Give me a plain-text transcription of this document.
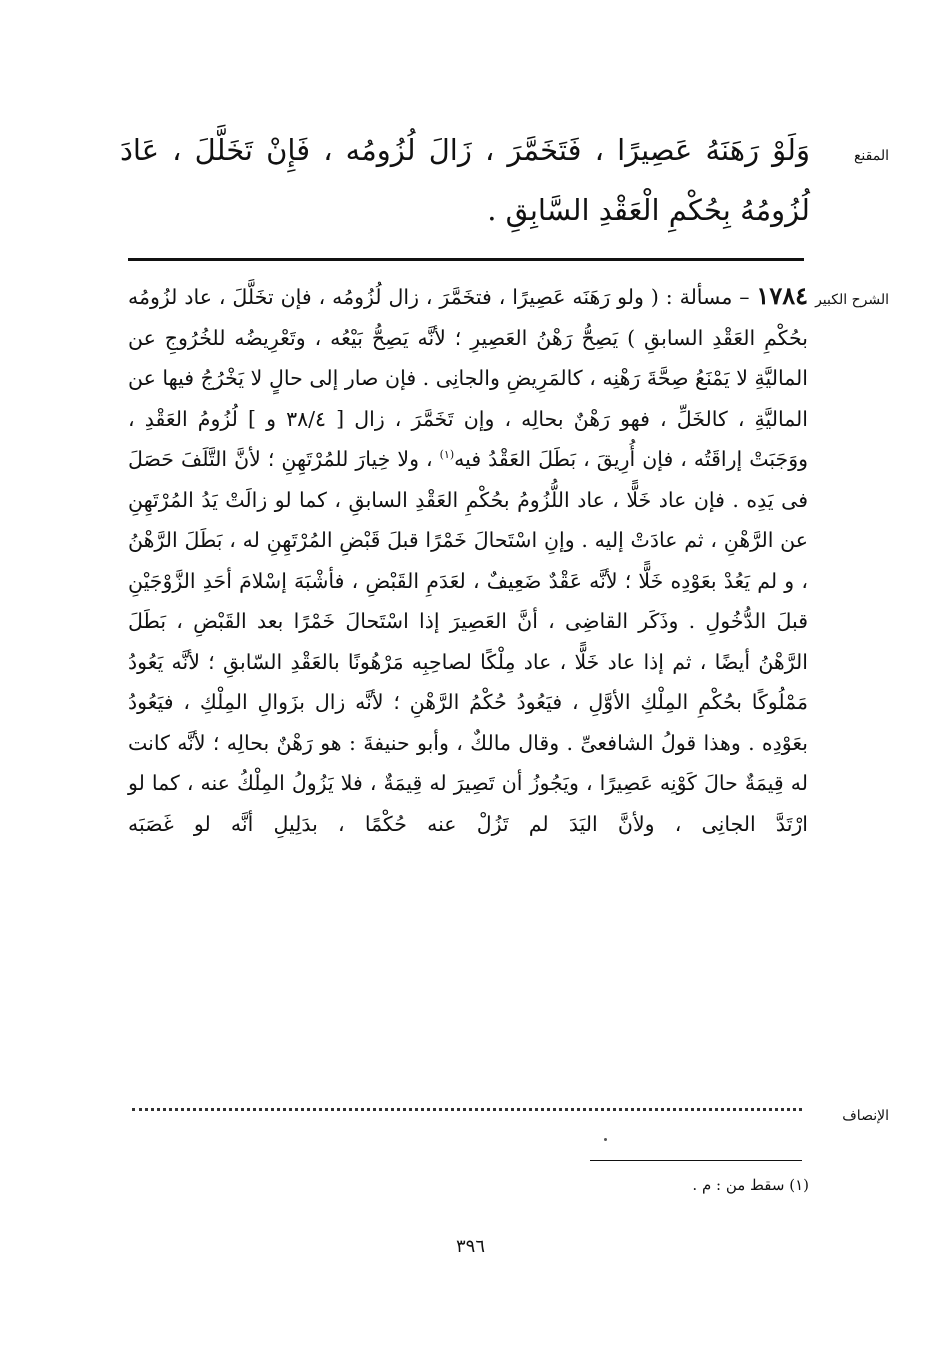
المقنع
وَلَوْ رَهَنَهُ عَصِيرًا ، فَتَخَمَّرَ ، زَالَ لُزُومُه ، فَإِنْ تَخَلَّلَ ، عَادَ لُزُومُهُ بِحُكْمِ الْعَقْدِ السَّابِقِ .
الشرح الكبير
١٧٨٤ – مسألة : ( ولو رَهَنَه عَصِيرًا ، فتخَمَّرَ ، زال لُزُومُه ، فإن تخَلَّلَ ، عاد لزُومُه بحُكْمِ العَقْدِ السابقِ ) يَصِحُّ رَهْنُ العَصِيرِ ؛ لأنَّه يَصِحُّ بَيْعُه ، وتَعْرِيضُه للخُرُوجِ عن الماليَّةِ لا يَمْنَعُ صِحَّةَ رَهْنِه ، كالمَرِيضِ والجانِى . فإن صار إلى حالٍ لا يَخْرُجُ فيها عن الماليَّةِ ، كالخَلِّ ، فهو رَهْنٌ بحالِه ، وإن تَخَمَّرَ ، زال [ ٣٨/٤ و ] لُزُومُ العَقْدِ ، ووَجَبَتْ إراقَتُه ، فإن أُرِيقَ ، بَطَلَ العَقْدُ فيه$^{(١)}$ ، ولا خِيارَ للمُرْتَهِنِ ؛ لأنَّ التَّلَفَ حَصَلَ فى يَدِه . فإن عاد خَلًّا ، عاد اللُّزُومُ بحُكْمِ العَقْدِ السابقِ ، كما لو زالَتْ يَدُ المُرْتَهِنِ عن الرَّهْنِ ، ثم عادَتْ إليه . وإنِ اسْتَحالَ خَمْرًا قبلَ قَبْضِ المُرْتَهِنِ له ، بَطَلَ الرَّهْنُ ، و لم يَعُدْ بعَوْدِه خَلًّا ؛ لأنَّه عَقْدٌ ضَعِيفٌ ، لعَدَمِ القَبْضِ ، فأشْبَهَ إسْلامَ أحَدِ الزَّوْجَيْنِ قبلَ الدُّخُولِ . وذَكَر القاضِى ، أنَّ العَصِيرَ إذا اسْتَحالَ خَمْرًا بعد القَبْضِ ، بَطَلَ الرَّهْنُ أيضًا ، ثم إذا عاد خَلًّا ، عاد مِلْكًا لصاحِبِه مَرْهُونًا بالعَقْدِ السّابقِ ؛ لأنَّه يَعُودُ مَمْلُوكًا بحُكْمِ المِلْكِ الأوَّلِ ، فيَعُودُ حُكْمُ الرَّهْنِ ؛ لأنَّه زال بزَوالِ المِلْكِ ، فيَعُودُ بعَوْدِه . وهذا قولُ الشافعىِّ . وقال مالكٌ ، وأبو حنيفةَ : هو رَهْنٌ بحالِه ؛ لأنَّه كانت له قِيمَةٌ حالَ كَوْنِه عَصِيرًا ، ويَجُوزُ أن تَصِيرَ له قِيمَةٌ ، فلا يَزُولُ المِلْكُ عنه ، كما لو ارْتَدَّ الجانِى ، ولأنَّ اليَدَ لم تَزُلْ عنه حُكْمًا ، بدَلِيلِ أنَّه لو غَصَبَه
الإنصاف
(١) سقط من : م .
٣٩٦
